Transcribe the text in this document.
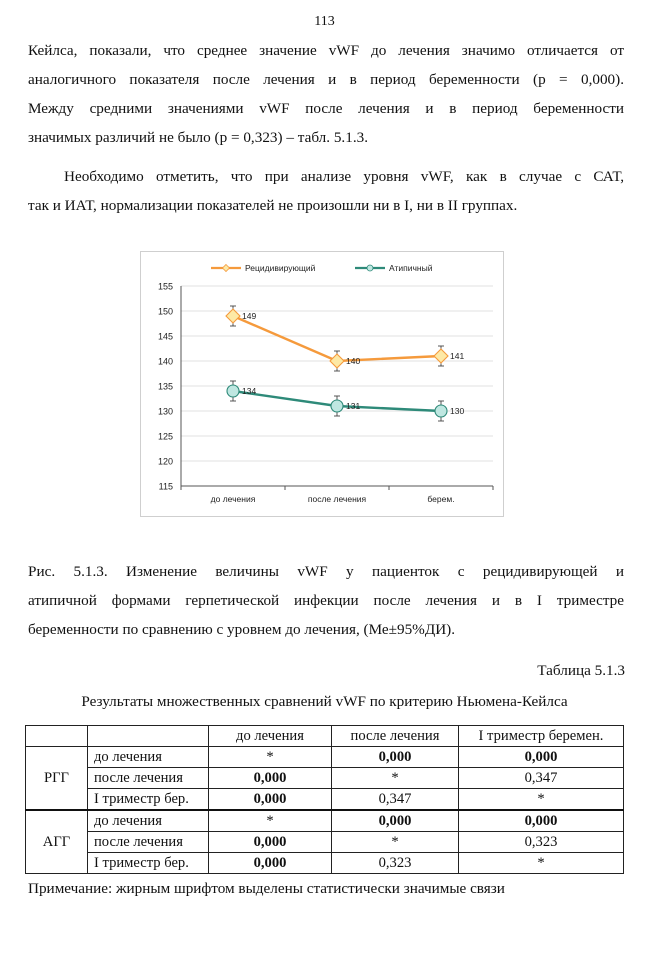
113

Кейлса, показали, что среднее значение vWF до лечения значимо отличается от
аналогичного показателя после лечения и в период беременности (р = 0,000).
Между средними значениями vWF после лечения и в период беременности
значимых различий не было (р = 0,323) – табл. 5.1.3.

Необходимо отметить, что при анализе уровня vWF, как в случае с САТ,
так и ИАТ, нормализации показателей не произошли ни в I, ни в II группах.

115
120
125
130
135
140
145
150
155
до лечения	после лечения	берем.
Рецидивирующий	Атипичный
149
140	141
134
131	130

Рис. 5.1.3. Изменение величины vWF у пациенток с рецидивирующей и
атипичной формами герпетической инфекции после лечения и в I триместре
беременности по сравнению с уровнем до лечения, (Ме±95%ДИ).

Таблица 5.1.3
Результаты множественных сравнений vWF по критерию Ньюмена-Кейлса
		до лечения	после лечения	I триместр беремен.
РГГ	до лечения	*	0,000	0,000
	после лечения	0,000	*	0,347
	I триместр бер.	0,000	0,347	*
АГГ	до лечения	*	0,000	0,000
	после лечения	0,000	*	0,323
	I триместр бер.	0,000	0,323	*
Примечание: жирным шрифтом выделены статистически значимые связи
